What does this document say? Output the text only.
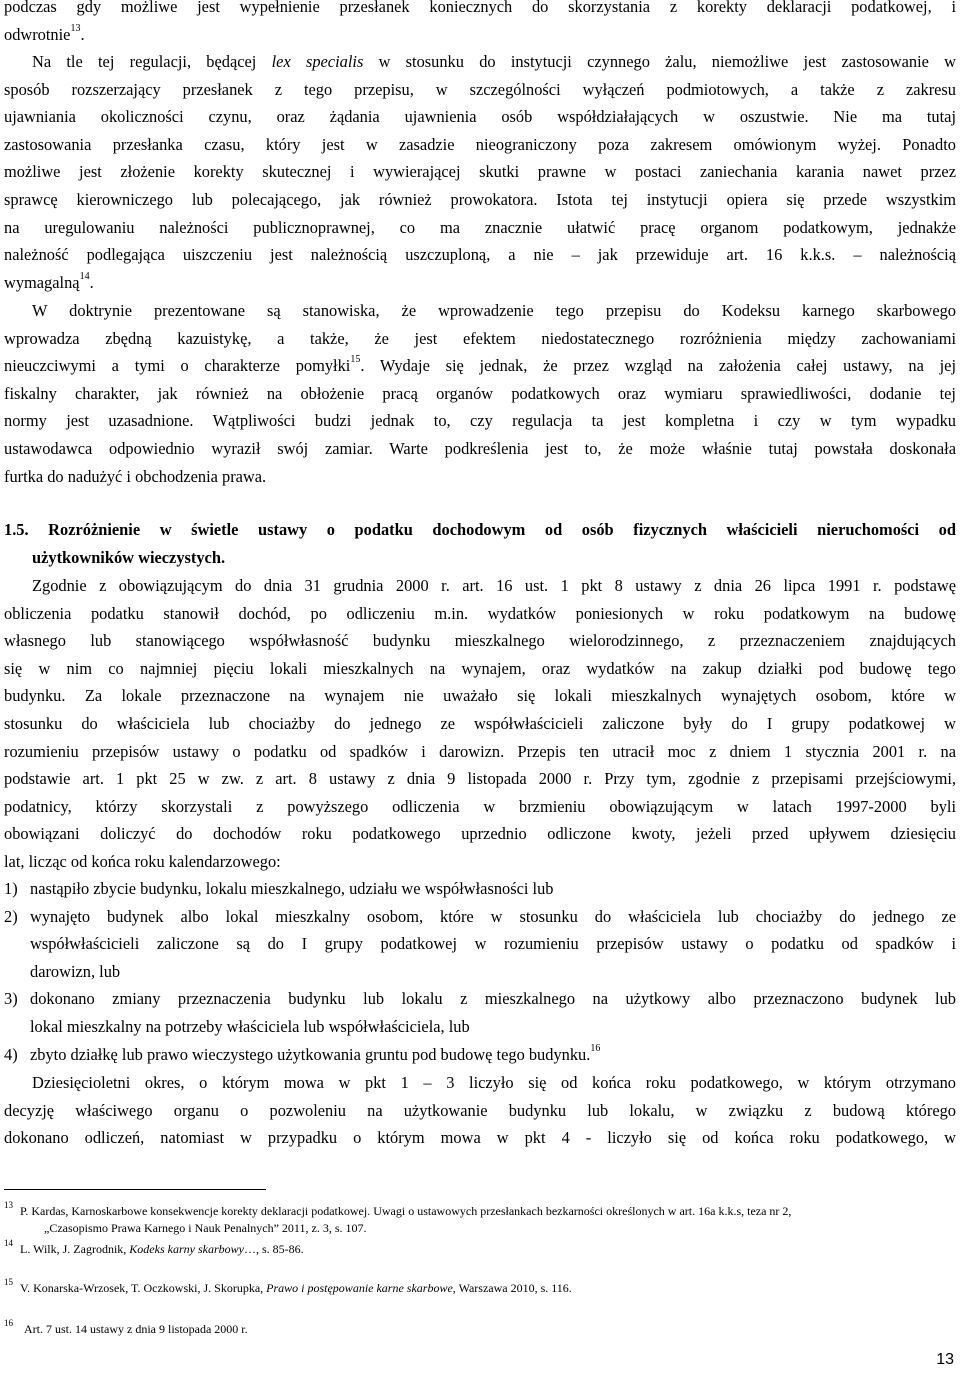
podczas gdy możliwe jest wypełnienie przesłanek koniecznych do skorzystania z korekty deklaracji podatkowej, i
odwrotnie$^{13}$.
Na tle tej regulacji, będącej lex specialis w stosunku do instytucji czynnego żalu, niemożliwe jest zastosowanie w
sposób rozszerzający przesłanek z tego przepisu, w szczególności wyłączeń podmiotowych, a także z zakresu
ujawniania okoliczności czynu, oraz żądania ujawnienia osób współdziałających w oszustwie. Nie ma tutaj
zastosowania przesłanka czasu, który jest w zasadzie nieograniczony poza zakresem omówionym wyżej. Ponadto
możliwe jest złożenie korekty skutecznej i wywierającej skutki prawne w postaci zaniechania karania nawet przez
sprawcę kierowniczego lub polecającego, jak również prowokatora. Istota tej instytucji opiera się przede wszystkim
na uregulowaniu należności publicznoprawnej, co ma znacznie ułatwić pracę organom podatkowym, jednakże
należność podlegająca uiszczeniu jest należnością uszczuploną, a nie – jak przewiduje art. 16 k.k.s. – należnością
wymagalną$^{14}$.
W doktrynie prezentowane są stanowiska, że wprowadzenie tego przepisu do Kodeksu karnego skarbowego
wprowadza zbędną kazuistykę, a także, że jest efektem niedostatecznego rozróżnienia między zachowaniami
nieuczciwymi a tymi o charakterze pomyłki$^{15}$. Wydaje się jednak, że przez wzgląd na założenia całej ustawy, na jej
fiskalny charakter, jak również na obłożenie pracą organów podatkowych oraz wymiaru sprawiedliwości, dodanie tej
normy jest uzasadnione. Wątpliwości budzi jednak to, czy regulacja ta jest kompletna i czy w tym wypadku
ustawodawca odpowiednio wyraził swój zamiar. Warte podkreślenia jest to, że może właśnie tutaj powstała doskonała
furtka do nadużyć i obchodzenia prawa.
1.5. Rozróżnienie w świetle ustawy o podatku dochodowym od osób fizycznych właścicieli nieruchomości od
użytkowników wieczystych.
Zgodnie z obowiązującym do dnia 31 grudnia 2000 r. art. 16 ust. 1 pkt 8 ustawy z dnia 26 lipca 1991 r. podstawę
obliczenia podatku stanowił dochód, po odliczeniu m.in. wydatków poniesionych w roku podatkowym na budowę
własnego lub stanowiącego współwłasność budynku mieszkalnego wielorodzinnego, z przeznaczeniem znajdujących
się w nim co najmniej pięciu lokali mieszkalnych na wynajem, oraz wydatków na zakup działki pod budowę tego
budynku. Za lokale przeznaczone na wynajem nie uważało się lokali mieszkalnych wynajętych osobom, które w
stosunku do właściciela lub chociażby do jednego ze współwłaścicieli zaliczone były do I grupy podatkowej w
rozumieniu przepisów ustawy o podatku od spadków i darowizn. Przepis ten utracił moc z dniem 1 stycznia 2001 r. na
podstawie art. 1 pkt 25 w zw. z art. 8 ustawy z dnia 9 listopada 2000 r. Przy tym, zgodnie z przepisami przejściowymi,
podatnicy, którzy skorzystali z powyższego odliczenia w brzmieniu obowiązującym w latach 1997-2000 byli
obowiązani doliczyć do dochodów roku podatkowego uprzednio odliczone kwoty, jeżeli przed upływem dziesięciu
lat, licząc od końca roku kalendarzowego:
1) nastąpiło zbycie budynku, lokalu mieszkalnego, udziału we współwłasności lub
2) wynajęto budynek albo lokal mieszkalny osobom, które w stosunku do właściciela lub chociażby do jednego ze
współwłaścicieli zaliczone są do I grupy podatkowej w rozumieniu przepisów ustawy o podatku od spadków i
darowizn, lub
3) dokonano zmiany przeznaczenia budynku lub lokalu z mieszkalnego na użytkowy albo przeznaczono budynek lub
lokal mieszkalny na potrzeby właściciela lub współwłaściciela, lub
4) zbyto działkę lub prawo wieczystego użytkowania gruntu pod budowę tego budynku.$^{16}$
Dziesięcioletni okres, o którym mowa w pkt 1 – 3 liczyło się od końca roku podatkowego, w którym otrzymano
decyzję właściwego organu o pozwoleniu na użytkowanie budynku lub lokalu, w związku z budową którego
dokonano odliczeń, natomiast w przypadku o którym mowa w pkt 4 - liczyło się od końca roku podatkowego, w
13 P. Kardas, Karnoskarbowe konsekwencje korekty deklaracji podatkowej. Uwagi o ustawowych przesłankach bezkarności określonych w art. 16a k.k.s, teza nr 2,
„Czasopismo Prawa Karnego i Nauk Penalnych” 2011, z. 3, s. 107.
14 L. Wilk, J. Zagrodnik, Kodeks karny skarbowy…, s. 85-86.
15 V. Konarska-Wrzosek, T. Oczkowski, J. Skorupka, Prawo i postępowanie karne skarbowe, Warszawa 2010, s. 116.
16 Art. 7 ust. 14 ustawy z dnia 9 listopada 2000 r.
13
